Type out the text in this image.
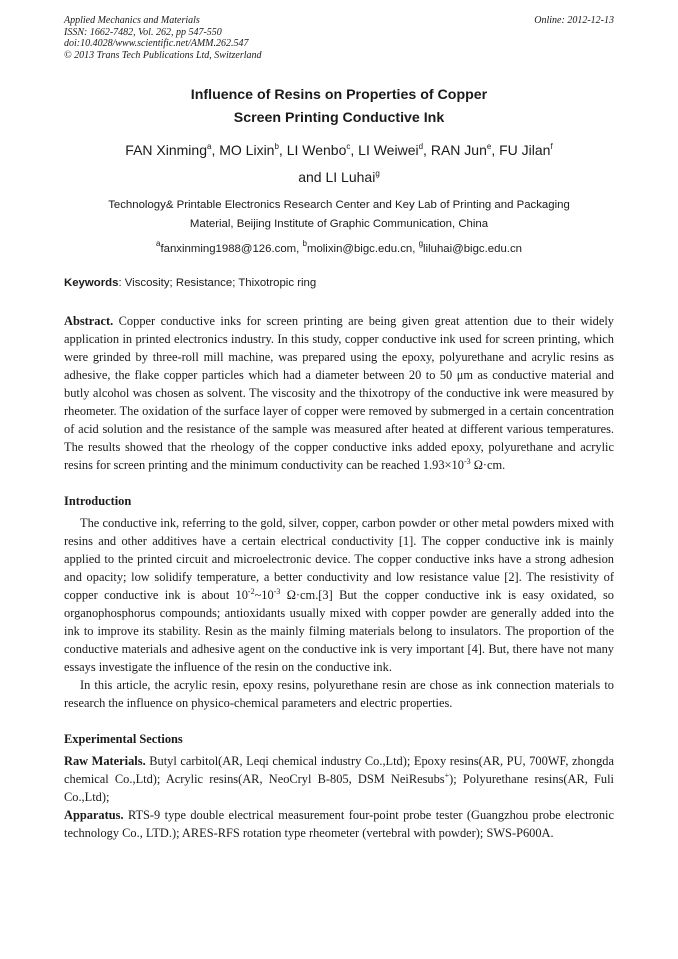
Applied Mechanics and Materials
ISSN: 1662-7482, Vol. 262, pp 547-550
doi:10.4028/www.scientific.net/AMM.262.547
© 2013 Trans Tech Publications Ltd, Switzerland
Online: 2012-12-13
Influence of Resins on Properties of Copper
Screen Printing Conductive Ink
FAN Xinming$^a$, MO Lixin$^b$, LI Wenbo$^c$, LI Weiwei$^d$, RAN Jun$^e$, FU Jilan$^f$
and LI Luhai$^g$
Technology& Printable Electronics Research Center and Key Lab of Printing and Packaging
Material, Beijing Institute of Graphic Communication, China
$^a$fanxinming1988@126.com, $^b$molixin@bigc.edu.cn, $^g$liluhai@bigc.edu.cn
Keywords: Viscosity; Resistance; Thixotropic ring

Abstract. Copper conductive inks for screen printing are being given great attention due to their widely application in printed electronics industry. In this study, copper conductive ink used for screen printing, which were grinded by three-roll mill machine, was prepared using the epoxy, polyurethane and acrylic resins as adhesive, the flake copper particles which had a diameter between 20 to 50 μm as conductive material and butly alcohol was chosen as solvent. The viscosity and the thixotropy of the conductive ink were measured by rheometer. The oxidation of the surface layer of copper were removed by submerged in a certain concentration of acid solution and the resistance of the sample was measured after heated at different various temperatures. The results showed that the rheology of the copper conductive inks added epoxy, polyurethane and acrylic resins for screen printing and the minimum conductivity can be reached $1.93\times 10^{-3}$ Ω·cm.

Introduction

The conductive ink, referring to the gold, silver, copper, carbon powder or other metal powders mixed with resins and other additives have a certain electrical conductivity [1]. The copper conductive ink is mainly applied to the printed circuit and microelectronic device. The copper conductive inks have a strong adhesion and opacity; low solidify temperature, a better conductivity and low resistance value [2]. The resistivity of copper conductive ink is about $10^{-2}\sim 10^{-3}$ Ω·cm.[3] But the copper conductive ink is easy oxidated, so organophosphorus compounds; antioxidants usually mixed with copper powder are generally added into the ink to improve its stability. Resin as the mainly filming materials belong to insulators. The proportion of the conductive materials and adhesive agent on the conductive ink is very important [4]. But, there have not many essays investigate the influence of the resin on the conductive ink.

In this article, the acrylic resin, epoxy resins, polyurethane resin are chose as ink connection materials to research the influence on physico-chemical parameters and electric properties.

Experimental Sections

Raw Materials. Butyl carbitol(AR, Leqi chemical industry Co.,Ltd); Epoxy resins(AR, PU, 700WF, zhongda chemical Co.,Ltd); Acrylic resins(AR, NeoCryl B-805, DSM NeiResubs+); Polyurethane resins(AR, Fuli Co.,Ltd);

Apparatus. RTS-9 type double electrical measurement four-point probe tester (Guangzhou probe electronic technology Co., LTD.); ARES-RFS rotation type rheometer (vertebral with powder); SWS-P600A.
